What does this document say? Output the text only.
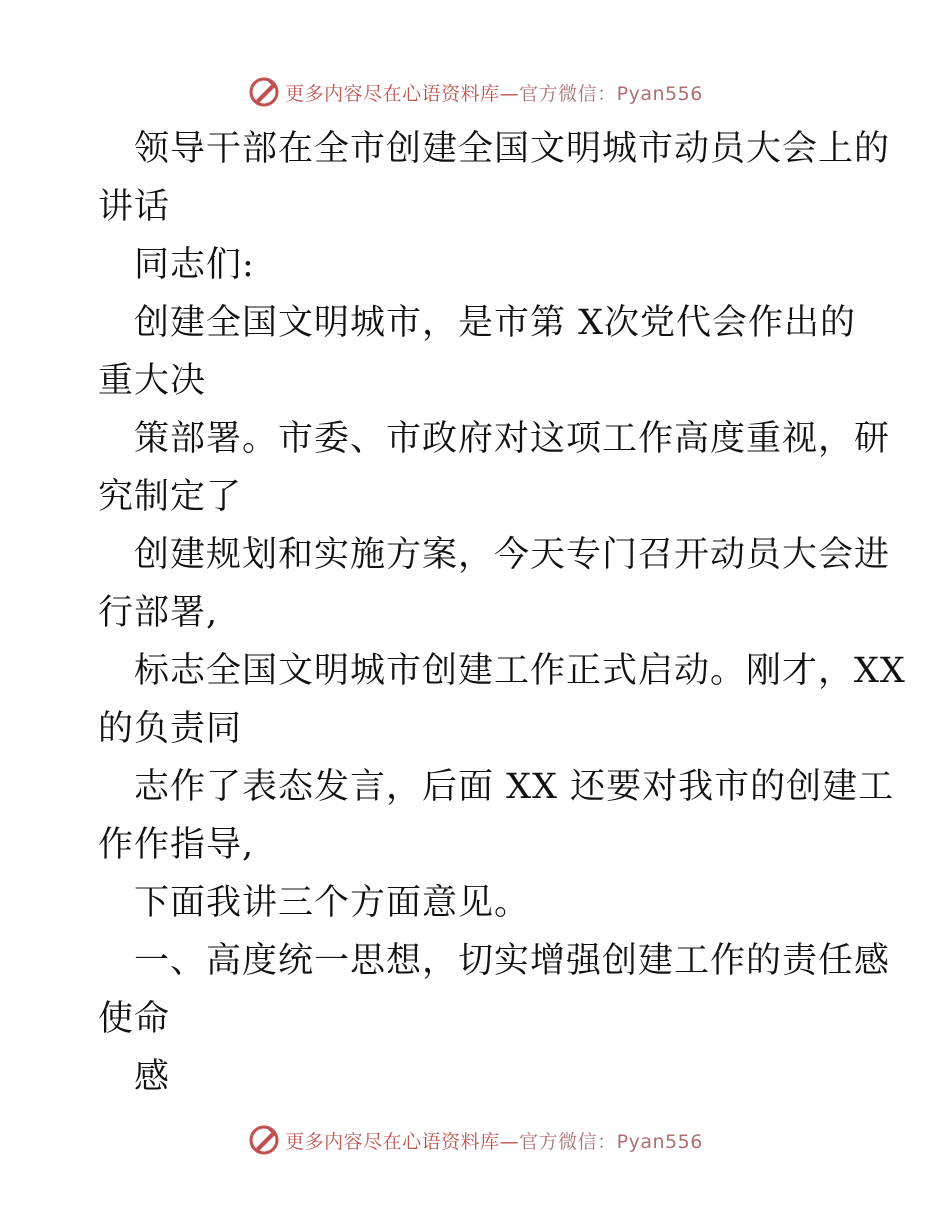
更多内容尽在心语资料库—官方微信：Pyan556
领导干部在全市创建全国文明城市动员大会上的
讲话
同志们:
创建全国文明城市，是市第 X次党代会作出的
重大决
策部署。市委、市政府对这项工作高度重视，研
究制定了
创建规划和实施方案，今天专门召开动员大会进
行部署,
标志全国文明城市创建工作正式启动。刚才，XX
的负责同
志作了表态发言，后面 XX 还要对我市的创建工
作作指导,
下面我讲三个方面意见。
一、高度统一思想，切实增强创建工作的责任感
使命
感
更多内容尽在心语资料库—官方微信：Pyan556
